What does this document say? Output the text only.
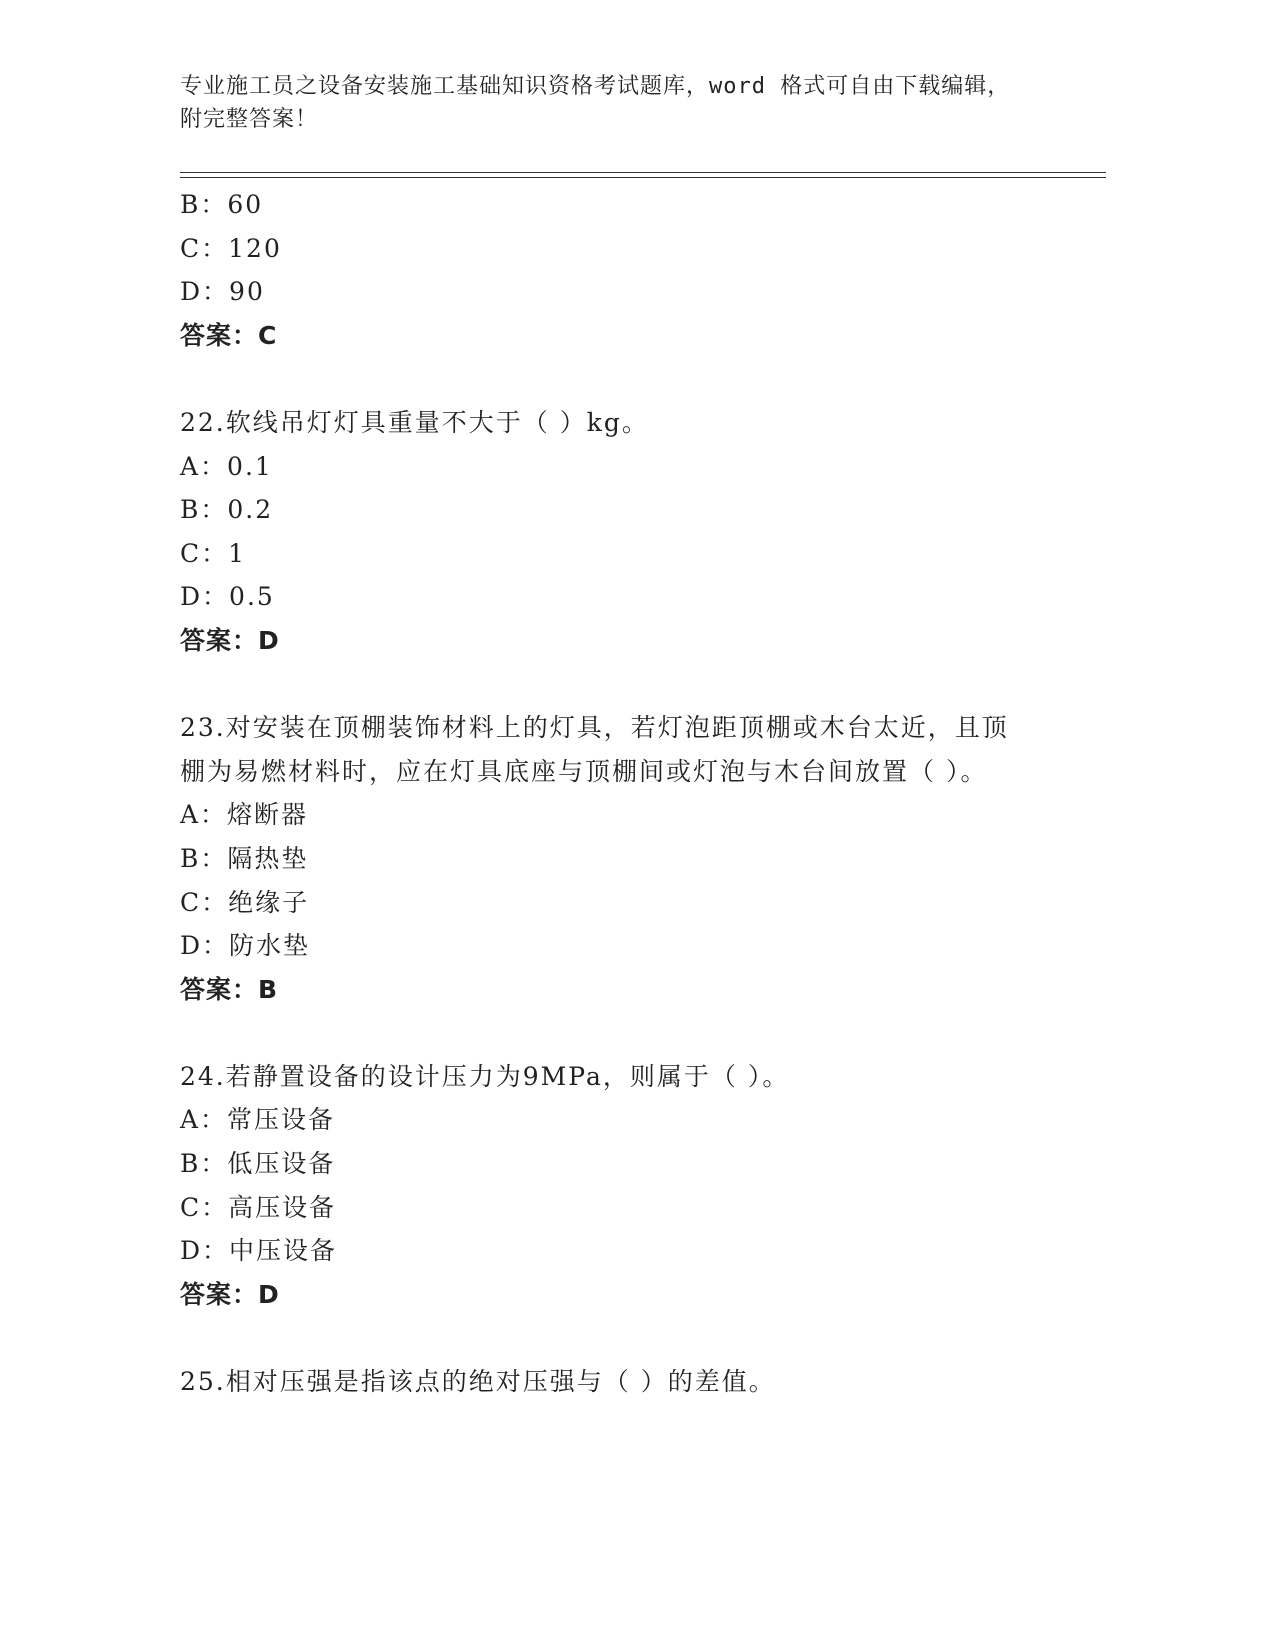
专业施工员之设备安装施工基础知识资格考试题库，word 格式可自由下载编辑，
附完整答案！
B：60
C：120
D：90
答案：C
22.软线吊灯灯具重量不大于（ ）kg。
A：0.1
B：0.2
C：1
D：0.5
答案：D
23.对安装在顶棚装饰材料上的灯具，若灯泡距顶棚或木台太近，且顶
棚为易燃材料时，应在灯具底座与顶棚间或灯泡与木台间放置（ ）。
A：熔断器
B：隔热垫
C：绝缘子
D：防水垫
答案：B
24.若静置设备的设计压力为9MPa，则属于（ ）。
A：常压设备
B：低压设备
C：高压设备
D：中压设备
答案：D
25.相对压强是指该点的绝对压强与（ ）的差值。
